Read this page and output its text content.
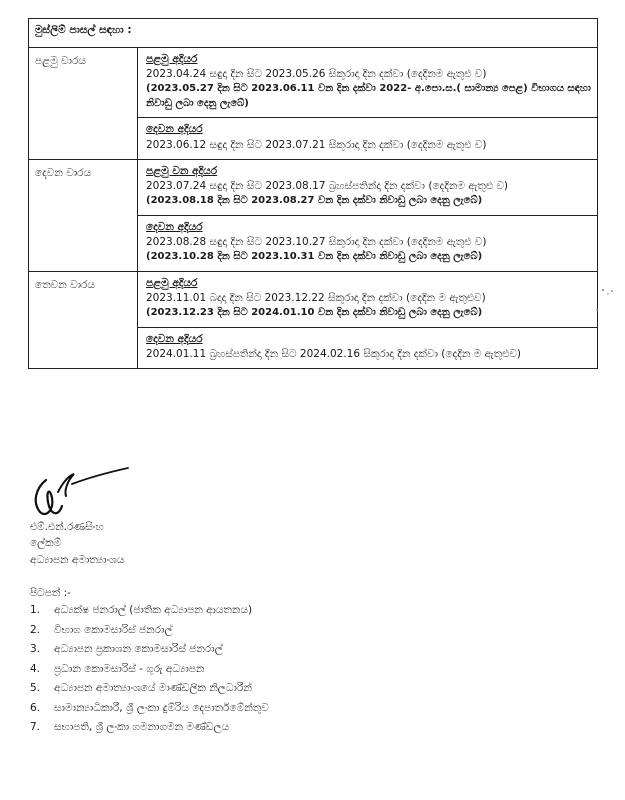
මුස්ලිම් පාසල් සඳහා :	
පළමු වාරය	පළමු අදියර
2023.04.24 සඳුදා දින සිට 2023.05.26 සිකුරාදා දින දක්වා (දෙදිනම ඇතුළු ව)
(2023.05.27 දින සිට 2023.06.11 වන දින දක්වා 2022- අ.පො.ස.( සාමාන්‍ය පෙළ) විභාගය සඳහා නිවාඩු ලබා දෙනු ලැබේ)

	දෙවන අදියර
2023.06.12 සඳුදා දින සිට 2023.07.21 සිකුරාදා දින දක්වා (දෙදිනම ඇතුළු ව)

දෙවන වාරය	පළමු වන අදියර
2023.07.24 සඳුදා දින සිට 2023.08.17 බ්‍රහස්පතින්දා දින දක්වා (දෙදිනම ඇතුළු ව)
(2023.08.18 දින සිට 2023.08.27 වන දින දක්වා නිවාඩු ලබා දෙනු ලැබේ)

	දෙවන අදියර
2023.08.28 සඳුදා දින සිට 2023.10.27 සිකුරාදා දින දක්වා (දෙදිනම ඇතුළු ව)
(2023.10.28 දින සිට 2023.10.31 වන දින දක්වා නිවාඩු ලබා දෙනු ලැබේ)

තෙවන වාරය	පළමු අදියර
2023.11.01 බදාදා දින සිට 2023.12.22 සිකුරාදා දින දක්වා (දෙදින ම ඇතුළුව)
(2023.12.23 දින සිට 2024.01.10 වන දින දක්වා නිවාඩු ලබා දෙනු ලැබේ)

	දෙවන අදියර
2024.01.11 බ්‍රහස්පතින්දා දින සිට 2024.02.16 සිකුරාදා දින දක්වා (දෙදින ම ඇතුළුව)
එම්.එන්.රණසිංහ
ලේකම්
අධ්‍යාපන අමාත්‍යාංශය
පිටපත් :-
1. අධ්‍යක්ෂ ජනරාල් (ජාතික අධ්‍යාපන ආයතනය)
2. විභාග කොමසාරිස් ජනරාල්
3. අධ්‍යාපන ප්‍රකාශන කොමසාරිස් ජනරාල්
4. ප්‍රධාන කොමසාරිස් - ගුරු අධ්‍යාපන
5. අධ්‍යාපන අමාත්‍යාංශයේ මාණ්ඩලික නිලධාරීන්
6. සාමාන්‍යාධිකාරී, ශ්‍රී ලංකා දුම්රිය දෙපාර්තමේන්තුව
7. සභාපති, ශ්‍රී ලංකා ගමනාගමන මණ්ඩලය
